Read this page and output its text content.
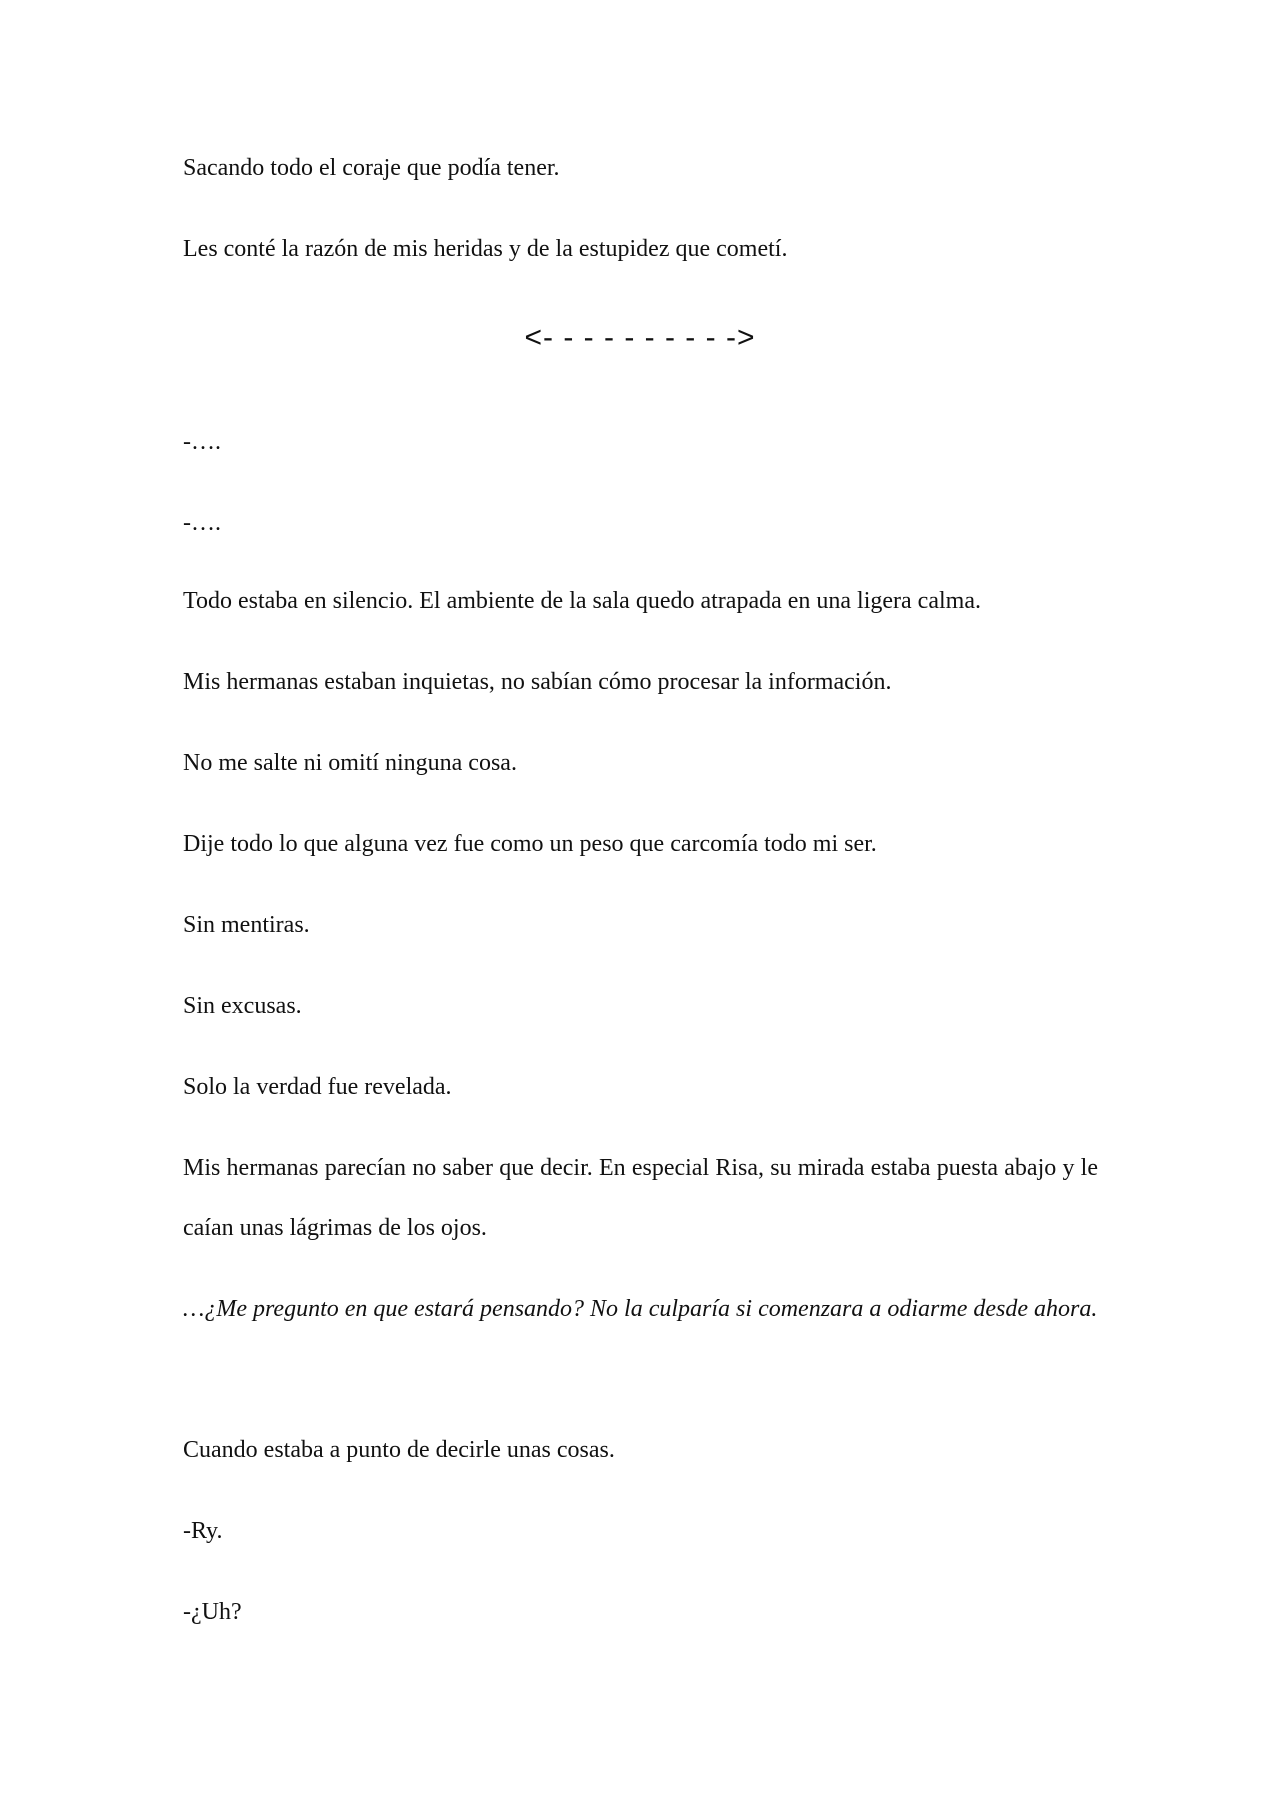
Sacando todo el coraje que podía tener.

Les conté la razón de mis heridas y de la estupidez que cometí.

<- - - - - - - - - ->

-….

-….

Todo estaba en silencio. El ambiente de la sala quedo atrapada en una ligera calma.

Mis hermanas estaban inquietas, no sabían cómo procesar la información.

No me salte ni omití ninguna cosa.

Dije todo lo que alguna vez fue como un peso que carcomía todo mi ser.

Sin mentiras.

Sin excusas.

Solo la verdad fue revelada.

Mis hermanas parecían no saber que decir. En especial Risa, su mirada estaba puesta abajo y le caían unas lágrimas de los ojos.

…¿Me pregunto en que estará pensando? No la culparía si comenzara a odiarme desde ahora.

Cuando estaba a punto de decirle unas cosas.

-Ry.

-¿Uh?
